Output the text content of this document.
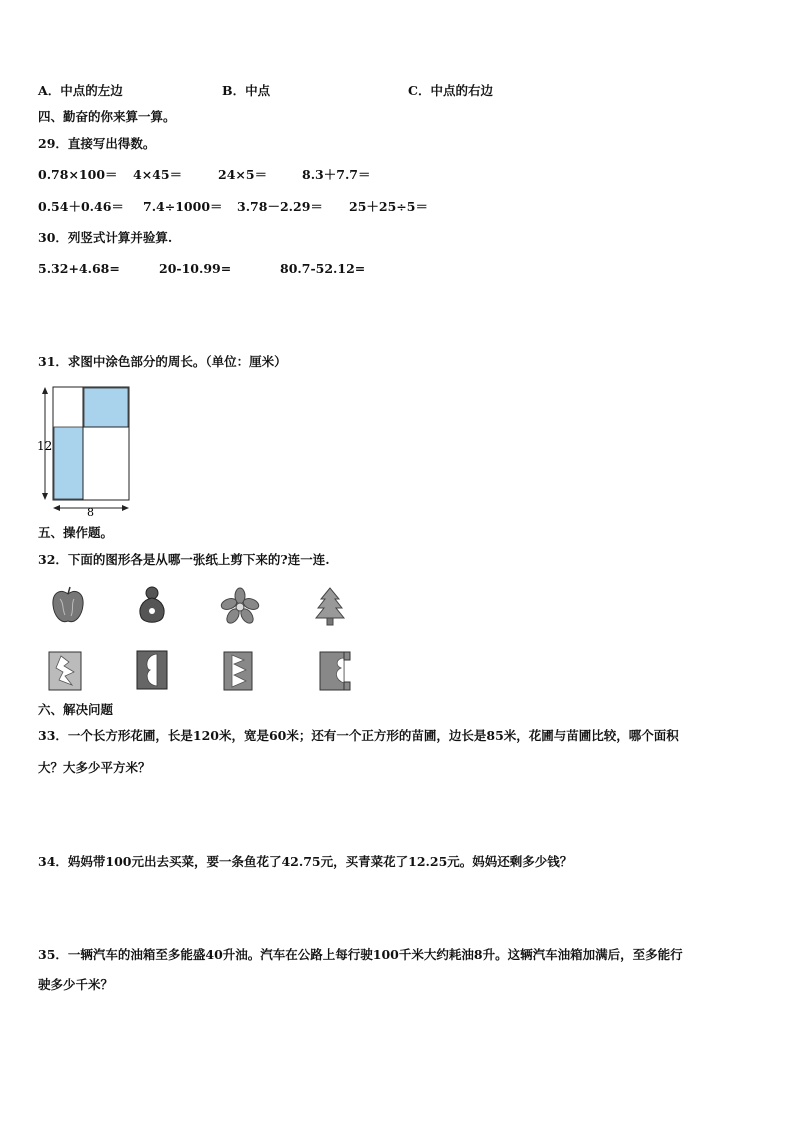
A．中点的左边	B．中点	C．中点的右边
四、勤奋的你来算一算。
29．直接写出得数。
0.78×100＝ 4×45＝	24×5＝	8.3＋7.7＝
0.54＋0.46＝ 7.4÷1000＝ 3.78－2.29＝ 25＋25÷5＝
30．列竖式计算并验算.
5.32+4.68=	20-10.99=	80.7-52.12=
31．求图中涂色部分的周长。（单位：厘米）
12
8
五、操作题。
32．下面的图形各是从哪一张纸上剪下来的?连一连.
六、解决问题
33．一个长方形花圃，长是120米，宽是60米；还有一个正方形的苗圃，边长是85米，花圃与苗圃比较，哪个面积
大？大多少平方米？
34．妈妈带100元出去买菜，要一条鱼花了42.75元，买青菜花了12.25元。妈妈还剩多少钱？
35．一辆汽车的油箱至多能盛40升油。汽车在公路上每行驶100千米大约耗油8升。这辆汽车油箱加满后，至多能行
驶多少千米？
